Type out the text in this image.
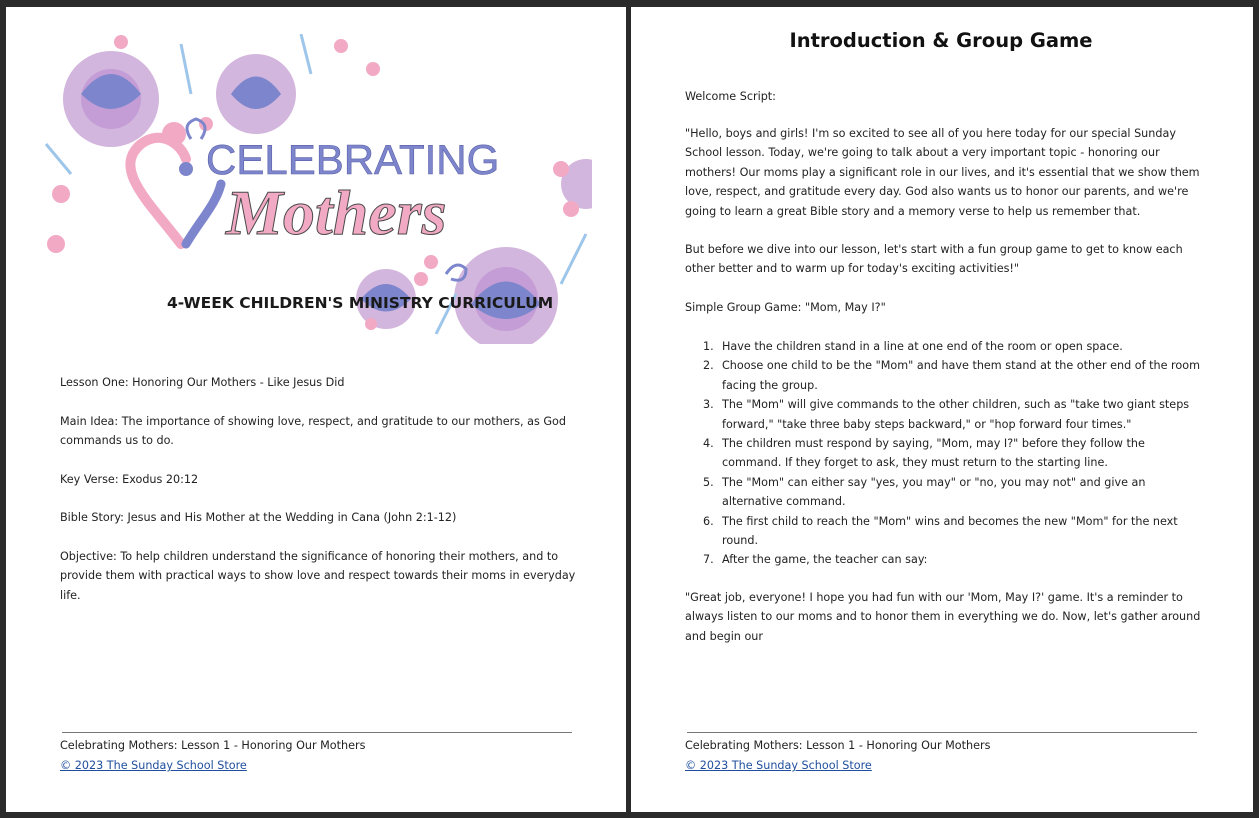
CELEBRATING
Mothers
4-WEEK CHILDREN'S MINISTRY CURRICULUM

Lesson One: Honoring Our Mothers - Like Jesus Did

Main Idea: The importance of showing love, respect, and gratitude to our mothers, as God commands us to do.

Key Verse: Exodus 20:12

Bible Story: Jesus and His Mother at the Wedding in Cana (John 2:1-12)

Objective: To help children understand the significance of honoring their mothers, and to provide them with practical ways to show love and respect towards their moms in everyday life.

Celebrating Mothers: Lesson 1 - Honoring Our Mothers

© 2023 The Sunday School Store

Introduction & Group Game

Welcome Script:

"Hello, boys and girls! I'm so excited to see all of you here today for our special Sunday School lesson. Today, we're going to talk about a very important topic - honoring our mothers! Our moms play a significant role in our lives, and it's essential that we show them love, respect, and gratitude every day. God also wants us to honor our parents, and we're going to learn a great Bible story and a memory verse to help us remember that.

But before we dive into our lesson, let's start with a fun group game to get to know each other better and to warm up for today's exciting activities!"

Simple Group Game: "Mom, May I?"

1. Have the children stand in a line at one end of the room or open space.
2. Choose one child to be the "Mom" and have them stand at the other end of the room facing the group.
3. The "Mom" will give commands to the other children, such as "take two giant steps forward," "take three baby steps backward," or "hop forward four times."
4. The children must respond by saying, "Mom, may I?" before they follow the command. If they forget to ask, they must return to the starting line.
5. The "Mom" can either say "yes, you may" or "no, you may not" and give an alternative command.
6. The first child to reach the "Mom" wins and becomes the new "Mom" for the next round.
7. After the game, the teacher can say:

"Great job, everyone! I hope you had fun with our 'Mom, May I?' game. It's a reminder to always listen to our moms and to honor them in everything we do. Now, let's gather around and begin our

Celebrating Mothers: Lesson 1 - Honoring Our Mothers

© 2023 The Sunday School Store
